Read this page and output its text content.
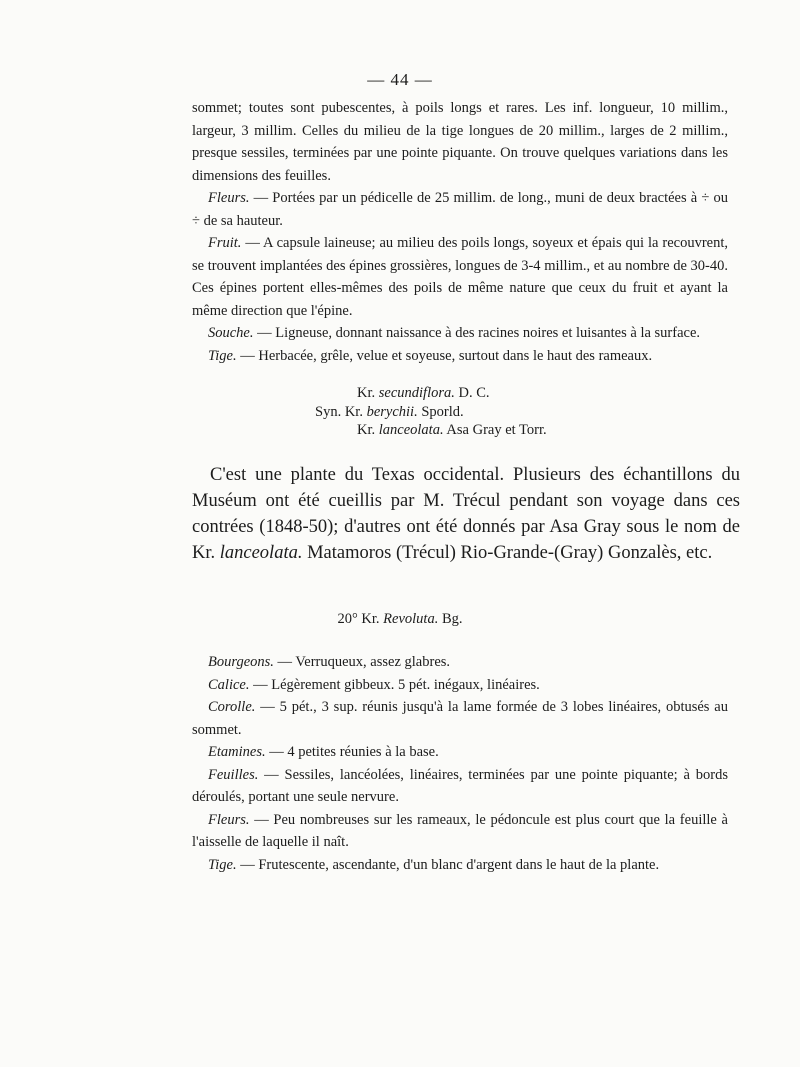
— 44 —

sommet; toutes sont pubescentes, à poils longs et rares. Les inf. longueur, 10 millim., largeur, 3 millim. Celles du milieu de la tige longues de 20 millim., larges de 2 millim., presque sessiles, terminées par une pointe piquante. On trouve quelques variations dans les dimensions des feuilles.

Fleurs. — Portées par un pédicelle de 25 millim. de long., muni de deux bractées à ÷ ou ÷ de sa hauteur.

Fruit. — A capsule laineuse; au milieu des poils longs, soyeux et épais qui la recouvrent, se trouvent implantées des épines grossières, longues de 3-4 millim., et au nombre de 30-40. Ces épines portent elles-mêmes des poils de même nature que ceux du fruit et ayant la même direction que l'épine.

Souche. — Ligneuse, donnant naissance à des racines noires et luisantes à la surface.

Tige. — Herbacée, grêle, velue et soyeuse, surtout dans le haut des rameaux.

Kr. secundiflora. D. C.
Syn. Kr. berychii. Sporld.
Kr. lanceolata. Asa Gray et Torr.

C'est une plante du Texas occidental. Plusieurs des échantillons du Muséum ont été cueillis par M. Trécul pendant son voyage dans ces contrées (1848-50); d'autres ont été donnés par Asa Gray sous le nom de Kr. lanceolata. Matamoros (Trécul) Rio-Grande-(Gray) Gonzalès, etc.

20° Kr. Revoluta. Bg.

Bourgeons. — Verruqueux, assez glabres.

Calice. — Légèrement gibbeux. 5 pét. inégaux, linéaires.

Corolle. — 5 pét., 3 sup. réunis jusqu'à la lame formée de 3 lobes linéaires, obtusés au sommet.

Etamines. — 4 petites réunies à la base.

Feuilles. — Sessiles, lancéolées, linéaires, terminées par une pointe piquante; à bords déroulés, portant une seule nervure.

Fleurs. — Peu nombreuses sur les rameaux, le pédoncule est plus court que la feuille à l'aisselle de laquelle il naît.

Tige. — Frutescente, ascendante, d'un blanc d'argent dans le haut de la plante.
